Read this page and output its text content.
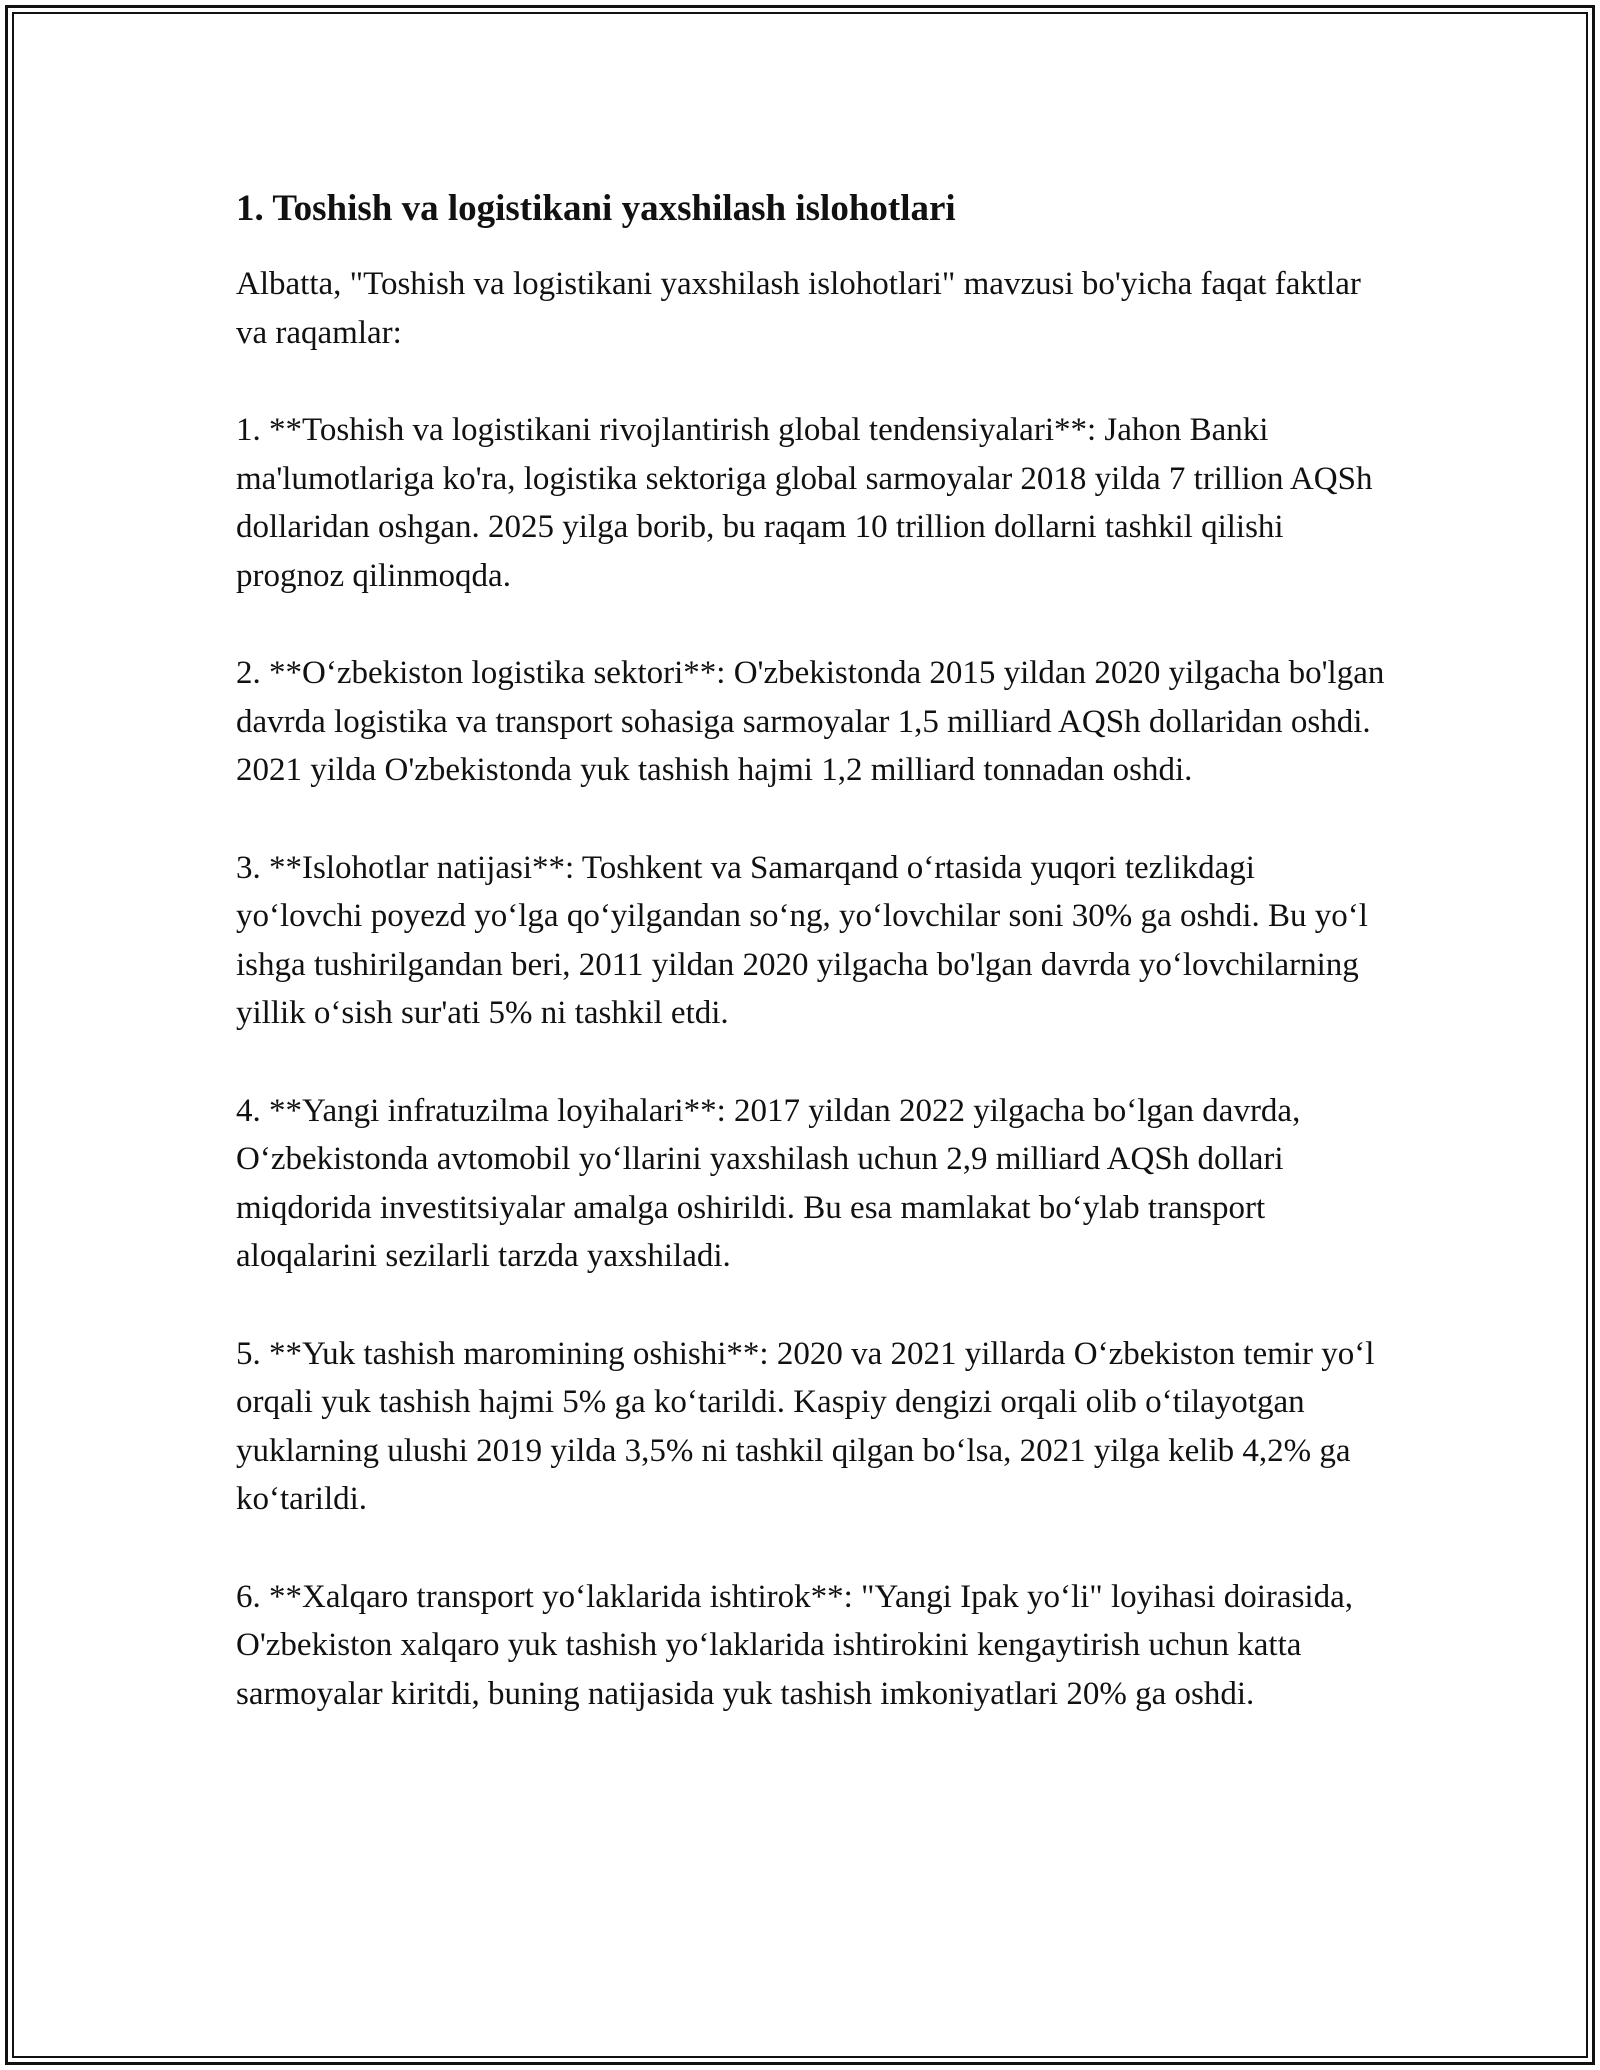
1. Toshish va logistikani yaxshilash islohotlari

Albatta, "Toshish va logistikani yaxshilash islohotlari" mavzusi bo'yicha faqat faktlar va raqamlar:

1. **Toshish va logistikani rivojlantirish global tendensiyalari**: Jahon Banki ma'lumotlariga ko'ra, logistika sektoriga global sarmoyalar 2018 yilda 7 trillion AQSh dollaridan oshgan. 2025 yilga borib, bu raqam 10 trillion dollarni tashkil qilishi prognoz qilinmoqda.

2. **O‘zbekiston logistika sektori**: O'zbekistonda 2015 yildan 2020 yilgacha bo'lgan davrda logistika va transport sohasiga sarmoyalar 1,5 milliard AQSh dollaridan oshdi. 2021 yilda O'zbekistonda yuk tashish hajmi 1,2 milliard tonnadan oshdi.

3. **Islohotlar natijasi**: Toshkent va Samarqand o‘rtasida yuqori tezlikdagi yo‘lovchi poyezd yo‘lga qo‘yilgandan so‘ng, yo‘lovchilar soni 30% ga oshdi. Bu yo‘l ishga tushirilgandan beri, 2011 yildan 2020 yilgacha bo'lgan davrda yo‘lovchilarning yillik o‘sish sur'ati 5% ni tashkil etdi.

4. **Yangi infratuzilma loyihalari**: 2017 yildan 2022 yilgacha bo‘lgan davrda, O‘zbekistonda avtomobil yo‘llarini yaxshilash uchun 2,9 milliard AQSh dollari miqdorida investitsiyalar amalga oshirildi. Bu esa mamlakat bo‘ylab transport aloqalarini sezilarli tarzda yaxshiladi.

5. **Yuk tashish maromining oshishi**: 2020 va 2021 yillarda O‘zbekiston temir yo‘l orqali yuk tashish hajmi 5% ga ko‘tarildi. Kaspiy dengizi orqali olib o‘tilayotgan yuklarning ulushi 2019 yilda 3,5% ni tashkil qilgan bo‘lsa, 2021 yilga kelib 4,2% ga ko‘tarildi.

6. **Xalqaro transport yo‘laklarida ishtirok**: "Yangi Ipak yo‘li" loyihasi doirasida, O'zbekiston xalqaro yuk tashish yo‘laklarida ishtirokini kengaytirish uchun katta sarmoyalar kiritdi, buning natijasida yuk tashish imkoniyatlari 20% ga oshdi.
